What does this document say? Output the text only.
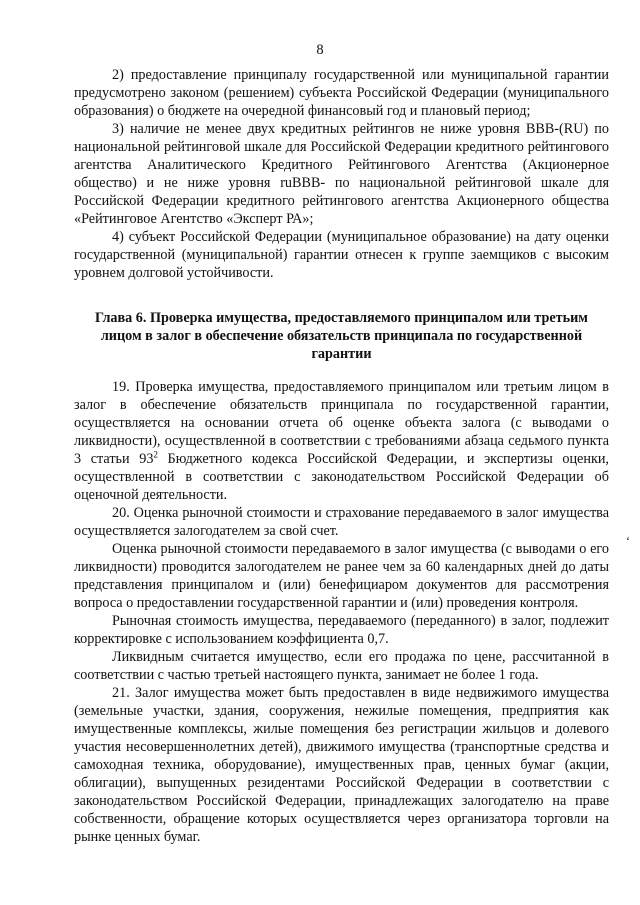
8

2) предоставление принципалу государственной или муниципальной гарантии предусмотрено законом (решением) субъекта Российской Федерации (муниципального образования) о бюджете на очередной финансовый год и плановый период;

3) наличие не менее двух кредитных рейтингов не ниже уровня BBB-(RU) по национальной рейтинговой шкале для Российской Федерации кредитного рейтингового агентства Аналитического Кредитного Рейтингового Агентства (Акционерное общество) и не ниже уровня ruBBB- по национальной рейтинговой шкале для Российской Федерации кредитного рейтингового агентства Акционерного общества «Рейтинговое Агентство «Эксперт РА»;

4) субъект Российской Федерации (муниципальное образование) на дату оценки государственной (муниципальной) гарантии отнесен к группе заемщиков с высоким уровнем долговой устойчивости.

Глава 6. Проверка имущества, предоставляемого принципалом или третьим лицом в залог в обеспечение обязательств принципала по государственной гарантии

19. Проверка имущества, предоставляемого принципалом или третьим лицом в залог в обеспечение обязательств принципала по государственной гарантии, осуществляется на основании отчета об оценке объекта залога (с выводами о ликвидности), осуществленной в соответствии с требованиями абзаца седьмого пункта 3 статьи $93^2$ Бюджетного кодекса Российской Федерации, и экспертизы оценки, осуществленной в соответствии с законодательством Российской Федерации об оценочной деятельности.

20. Оценка рыночной стоимости и страхование передаваемого в залог имущества осуществляется залогодателем за свой счет.

Оценка рыночной стоимости передаваемого в залог имущества (с выводами о его ликвидности) проводится залогодателем не ранее чем за 60 календарных дней до даты представления принципалом и (или) бенефициаром документов для рассмотрения вопроса о предоставлении государственной гарантии и (или) проведения контроля.

Рыночная стоимость имущества, передаваемого (переданного) в залог, подлежит корректировке с использованием коэффициента 0,7.

Ликвидным считается имущество, если его продажа по цене, рассчитанной в соответствии с частью третьей настоящего пункта, занимает не более 1 года.

21. Залог имущества может быть предоставлен в виде недвижимого имущества (земельные участки, здания, сооружения, нежилые помещения, предприятия как имущественные комплексы, жилые помещения без регистрации жильцов и долевого участия несовершеннолетних детей), движимого имущества (транспортные средства и самоходная техника, оборудование), имущественных прав, ценных бумаг (акции, облигации), выпущенных резидентами Российской Федерации в соответствии с законодательством Российской Федерации, принадлежащих залогодателю на праве собственности, обращение которых осуществляется через организатора торговли на рынке ценных бумаг.

‘
